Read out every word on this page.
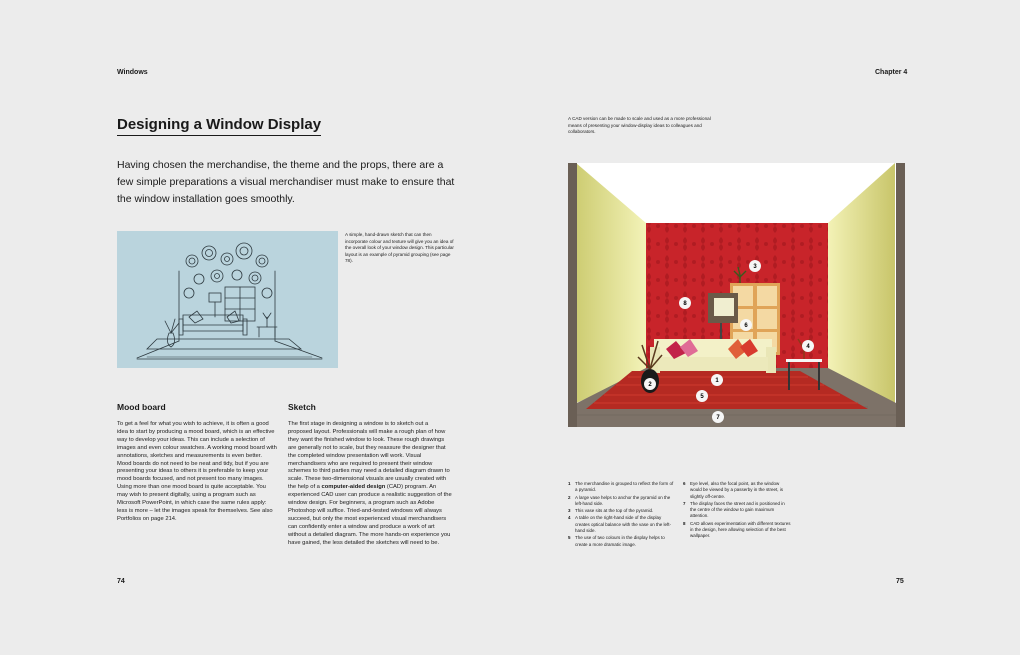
Windows
Designing a Window Display
Having chosen the merchandise, the theme and the props, there are a few simple preparations a visual merchandiser must make to ensure that the window installation goes smoothly.
A simple, hand-drawn sketch that can then incorporate colour and texture will give you an idea of the overall look of your window design. This particular layout is an example of pyramid grouping (see page 78).
Mood board
To get a feel for what you wish to achieve, it is often a good idea to start by producing a mood board, which is an effective way to develop your ideas. This can include a selection of images and even colour swatches. A working mood board with annotations, sketches and measurements is even better. Mood boards do not need to be neat and tidy, but if you are presenting your ideas to others it is preferable to keep your mood boards focused, and not present too many images. Using more than one mood board is quite acceptable. You may wish to present digitally, using a program such as Microsoft PowerPoint, in which case the same rules apply: less is more – let the images speak for themselves. See also Portfolios on page 214.
Sketch
The first stage in designing a window is to sketch out a proposed layout. Professionals will make a rough plan of how they want the finished window to look. These rough drawings are generally not to scale, but they reassure the designer that the completed window presentation will work. Visual merchandisers who are required to present their window schemes to third parties may need a detailed diagram drawn to scale. These two-dimensional visuals are usually created with the help of a computer-aided design (CAD) program. An experienced CAD user can produce a realistic suggestion of the window design. For beginners, a program such as Adobe Photoshop will suffice. Tried-and-tested windows will always succeed, but only the most experienced visual merchandisers can confidently enter a window and produce a work of art without a detailed diagram. The more hands-on experience you have gained, the less detailed the sketches will need to be.
74
Chapter 4
A CAD version can be made to scale and used as a more professional means of presenting your window-display ideas to colleagues and collaborators.
1
2
3
4
5
6
7
8
1 The merchandise is grouped to reflect the form of a pyramid.
2 A large vase helps to anchor the pyramid on the left-hand side.
3 This vase sits at the top of the pyramid.
4 A table on the right-hand side of the display creates optical balance with the vase on the left-hand side.
5 The use of two colours in the display helps to create a more dramatic image.
6 Eye level, also the focal point, as the window would be viewed by a passerby in the street, is slightly off-centre.
7 The display faces the street and is positioned in the centre of the window to gain maximum attention.
8 CAD allows experimentation with different textures in the design, here allowing selection of the best wallpaper.
75
